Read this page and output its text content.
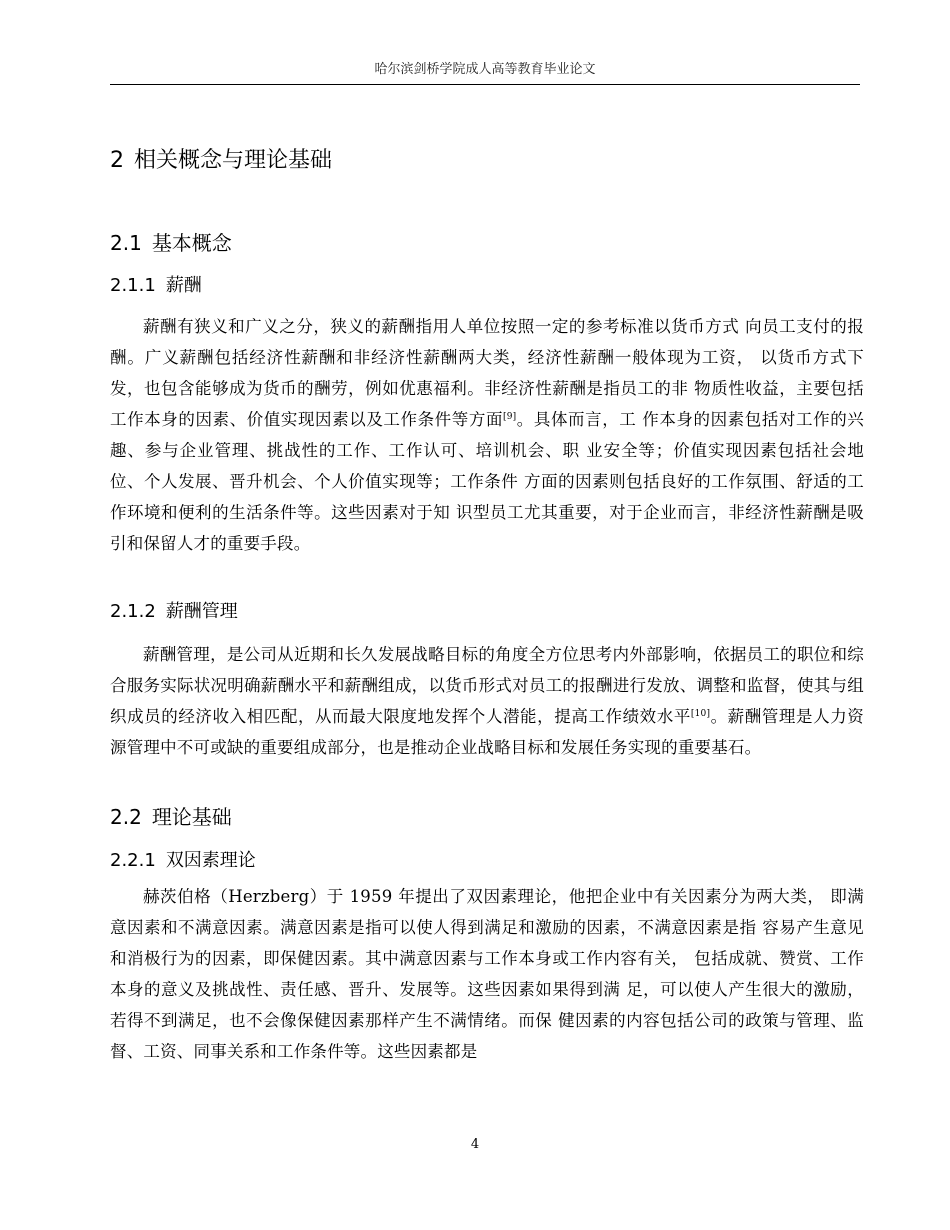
哈尔滨剑桥学院成人高等教育毕业论文
2 相关概念与理论基础
2.1 基本概念
2.1.1 薪酬

薪酬有狭义和广义之分，狭义的薪酬指用人单位按照一定的参考标准以货币方式 向员工支付的报酬。广义薪酬包括经济性薪酬和非经济性薪酬两大类，经济性薪酬一般体现为工资， 以货币方式下发，也包含能够成为货币的酬劳，例如优惠福利。非经济性薪酬是指员工的非 物质性收益，主要包括工作本身的因素、价值实现因素以及工作条件等方面[9]。具体而言，工 作本身的因素包括对工作的兴趣、参与企业管理、挑战性的工作、工作认可、培训机会、职 业安全等；价值实现因素包括社会地位、个人发展、晋升机会、个人价值实现等；工作条件 方面的因素则包括良好的工作氛围、舒适的工作环境和便利的生活条件等。这些因素对于知 识型员工尤其重要，对于企业而言，非经济性薪酬是吸引和保留人才的重要手段。

2.1.2 薪酬管理

薪酬管理，是公司从近期和长久发展战略目标的角度全方位思考内外部影响，依据员工的职位和综合服务实际状况明确薪酬水平和薪酬组成，以货币形式对员工的报酬进行发放、调整和监督，使其与组织成员的经济收入相匹配，从而最大限度地发挥个人潜能，提高工作绩效水平[10]。薪酬管理是人力资源管理中不可或缺的重要组成部分，也是推动企业战略目标和发展任务实现的重要基石。

2.2 理论基础
2.2.1 双因素理论

赫茨伯格（Herzberg）于 1959 年提出了双因素理论，他把企业中有关因素分为两大类， 即满意因素和不满意因素。满意因素是指可以使人得到满足和激励的因素，不满意因素是指 容易产生意见和消极行为的因素，即保健因素。其中满意因素与工作本身或工作内容有关， 包括成就、赞赏、工作本身的意义及挑战性、责任感、晋升、发展等。这些因素如果得到满 足，可以使人产生很大的激励，若得不到满足，也不会像保健因素那样产生不满情绪。而保 健因素的内容包括公司的政策与管理、监督、工资、同事关系和工作条件等。这些因素都是

4
